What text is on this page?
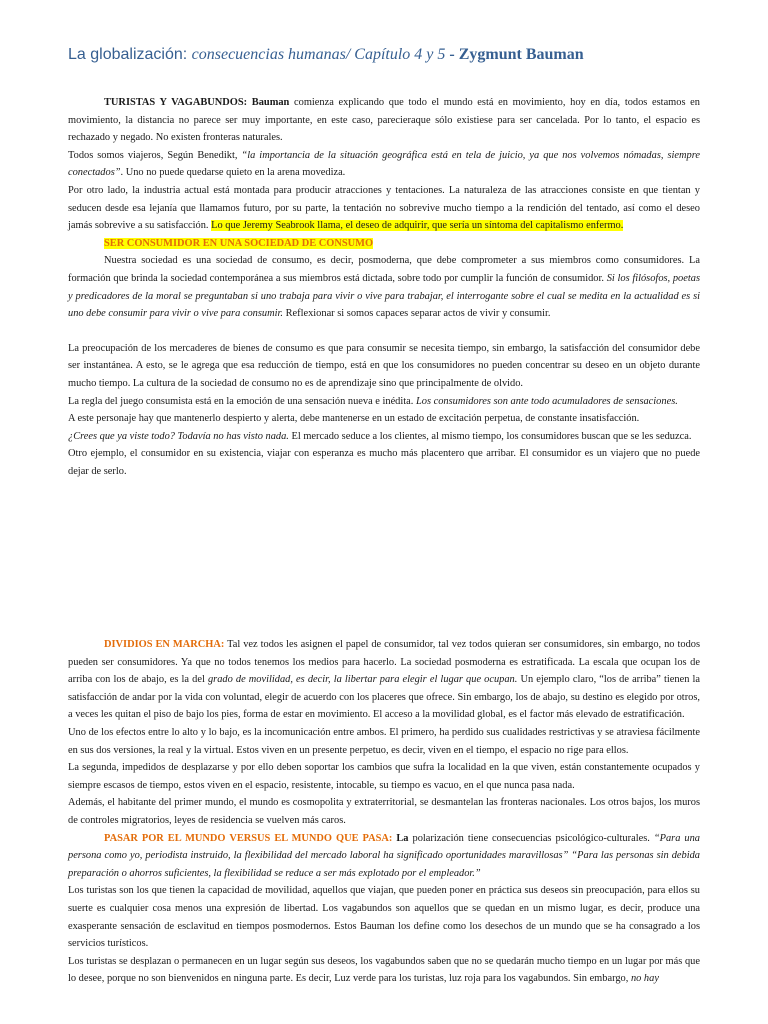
La globalización: consecuencias humanas/ Capítulo 4 y 5 - Zygmunt Bauman

TURISTAS Y VAGABUNDOS: Bauman comienza explicando que todo el mundo está en movimiento, hoy en día, todos estamos en movimiento, la distancia no parece ser muy importante, en este caso, parecieraque sólo existiese para ser cancelada. Por lo tanto, el espacio es rechazado y negado. No existen fronteras naturales.

Todos somos viajeros, Según Benedikt, “la importancia de la situación geográfica está en tela de juicio, ya que nos volvemos nómadas, siempre conectados”. Uno no puede quedarse quieto en la arena movediza.

Por otro lado, la industria actual está montada para producir atracciones y tentaciones. La naturaleza de las atracciones consiste en que tientan y seducen desde esa lejanía que llamamos futuro, por su parte, la tentación no sobrevive mucho tiempo a la rendición del tentado, así como el deseo jamás sobrevive a su satisfacción. Lo que Jeremy Seabrook llama, el deseo de adquirir, que sería un síntoma del capitalismo enfermo.

SER CONSUMIDOR EN UNA SOCIEDAD DE CONSUMO

Nuestra sociedad es una sociedad de consumo, es decir, posmoderna, que debe comprometer a sus miembros como consumidores. La formación que brinda la sociedad contemporánea a sus miembros está dictada, sobre todo por cumplir la función de consumidor. Si los filósofos, poetas y predicadores de la moral se preguntaban si uno trabaja para vivir o vive para trabajar, el interrogante sobre el cual se medita en la actualidad es si uno debe consumir para vivir o vive para consumir. Reflexionar si somos capaces separar actos de vivir y consumir.

La preocupación de los mercaderes de bienes de consumo es que para consumir se necesita tiempo, sin embargo, la satisfacción del consumidor debe ser instantánea. A esto, se le agrega que esa reducción de tiempo, está en que los consumidores no pueden concentrar su deseo en un objeto durante mucho tiempo. La cultura de la sociedad de consumo no es de aprendizaje sino que principalmente de olvido.

La regla del juego consumista está en la emoción de una sensación nueva e inédita. Los consumidores son ante todo acumuladores de sensaciones.

A este personaje hay que mantenerlo despierto y alerta, debe mantenerse en un estado de excitación perpetua, de constante insatisfacción.

¿Crees que ya viste todo? Todavía no has visto nada. El mercado seduce a los clientes, al mismo tiempo, los consumidores buscan que se les seduzca.

Otro ejemplo, el consumidor en su existencia, viajar con esperanza es mucho más placentero que arribar. El consumidor es un viajero que no puede dejar de serlo.

DIVIDIOS EN MARCHA: Tal vez todos les asignen el papel de consumidor, tal vez todos quieran ser consumidores, sin embargo, no todos pueden ser consumidores. Ya que no todos tenemos los medios para hacerlo. La sociedad posmoderna es estratificada. La escala que ocupan los de arriba con los de abajo, es la del grado de movilidad, es decir, la libertar para elegir el lugar que ocupan. Un ejemplo claro, “los de arriba” tienen la satisfacción de andar por la vida con voluntad, elegir de acuerdo con los placeres que ofrece. Sin embargo, los de abajo, su destino es elegido por otros, a veces les quitan el piso de bajo los pies, forma de estar en movimiento. El acceso a la movilidad global, es el factor más elevado de estratificación.

Uno de los efectos entre lo alto y lo bajo, es la incomunicación entre ambos. El primero, ha perdido sus cualidades restrictivas y se atraviesa fácilmente en sus dos versiones, la real y la virtual. Estos viven en un presente perpetuo, es decir, viven en el tiempo, el espacio no rige para ellos.

La segunda, impedidos de desplazarse y por ello deben soportar los cambios que sufra la localidad en la que viven, están constantemente ocupados y siempre escasos de tiempo, estos viven en el espacio, resistente, intocable, su tiempo es vacuo, en el que nunca pasa nada.

Además, el habitante del primer mundo, el mundo es cosmopolita y extraterritorial, se desmantelan las fronteras nacionales. Los otros bajos, los muros de controles migratorios, leyes de residencia se vuelven más caros.

PASAR POR EL MUNDO VERSUS EL MUNDO QUE PASA: La polarización tiene consecuencias psicológico-culturales. “Para una persona como yo, periodista instruido, la flexibilidad del mercado laboral ha significado oportunidades maravillosas” “Para las personas sin debida preparación o ahorros suficientes, la flexibilidad se reduce a ser más explotado por el empleador.”

Los turistas son los que tienen la capacidad de movilidad, aquellos que viajan, que pueden poner en práctica sus deseos sin preocupación, para ellos su suerte es cualquier cosa menos una expresión de libertad. Los vagabundos son aquellos que se quedan en un mismo lugar, es decir, produce una exasperante sensación de esclavitud en tiempos posmodernos. Estos Bauman los define como los desechos de un mundo que se ha consagrado a los servicios turísticos.

Los turistas se desplazan o permanecen en un lugar según sus deseos, los vagabundos saben que no se quedarán mucho tiempo en un lugar por más que lo desee, porque no son bienvenidos en ninguna parte. Es decir, Luz verde para los turistas, luz roja para los vagabundos. Sin embargo, no hay
